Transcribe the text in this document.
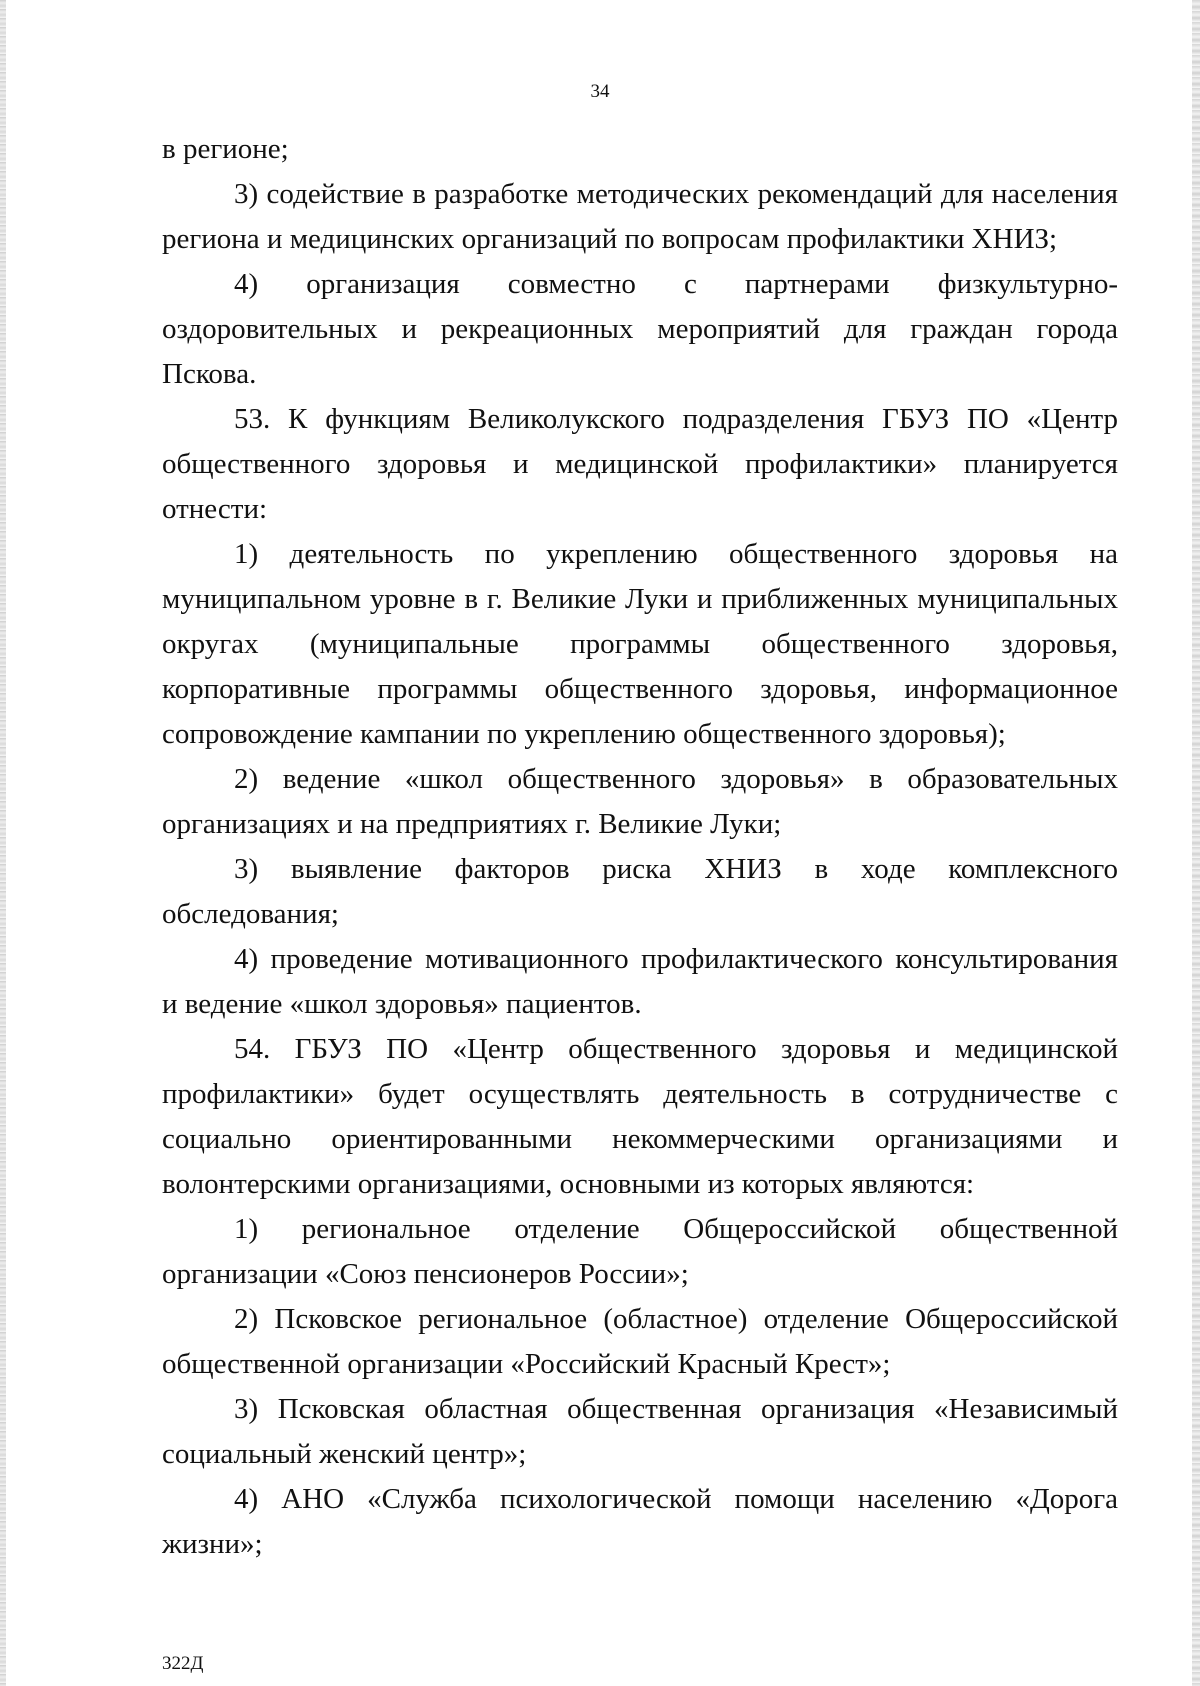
34

в регионе;

3) содействие в разработке методических рекомендаций для населения региона и медицинских организаций по вопросам профилактики ХНИЗ;

4) организация совместно с партнерами физкультурно-оздоровительных и рекреационных мероприятий для граждан города Пскова.

53. К функциям Великолукского подразделения ГБУЗ ПО «Центр общественного здоровья и медицинской профилактики» планируется отнести:

1) деятельность по укреплению общественного здоровья на муниципальном уровне в г. Великие Луки и приближенных муниципальных округах (муниципальные программы общественного здоровья, корпоративные программы общественного здоровья, информационное сопровождение кампании по укреплению общественного здоровья);

2) ведение «школ общественного здоровья» в образовательных организациях и на предприятиях г. Великие Луки;

3) выявление факторов риска ХНИЗ в ходе комплексного обследования;

4) проведение мотивационного профилактического консультирования и ведение «школ здоровья» пациентов.

54. ГБУЗ ПО «Центр общественного здоровья и медицинской профилактики» будет осуществлять деятельность в сотрудничестве с социально ориентированными некоммерческими организациями и волонтерскими организациями, основными из которых являются:

1) региональное отделение Общероссийской общественной организации «Союз пенсионеров России»;

2) Псковское региональное (областное) отделение Общероссийской общественной организации «Российский Красный Крест»;

3) Псковская областная общественная организация «Независимый социальный женский центр»;

4) АНО «Служба психологической помощи населению «Дорога жизни»;

322Д
